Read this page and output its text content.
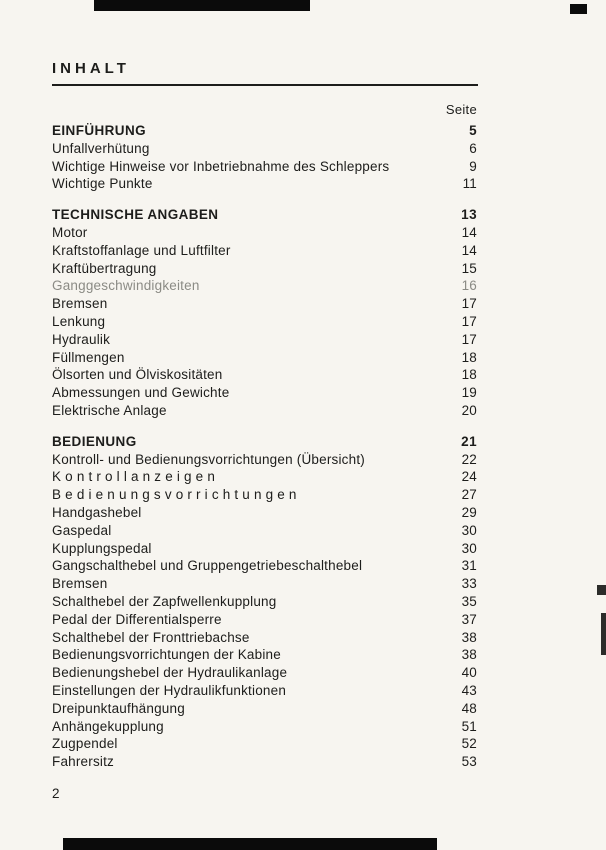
INHALT
Seite
EINFÜHRUNG	5
Unfallverhütung	6
Wichtige Hinweise vor Inbetriebnahme des Schleppers	9
Wichtige Punkte	11
TECHNISCHE ANGABEN	13
Motor	14
Kraftstoffanlage und Luftfilter	14
Kraftübertragung	15
Ganggeschwindigkeiten	16
Bremsen	17
Lenkung	17
Hydraulik	17
Füllmengen	18
Ölsorten und Ölviskositäten	18
Abmessungen und Gewichte	19
Elektrische Anlage	20
BEDIENUNG	21
Kontroll- und Bedienungsvorrichtungen (Übersicht)	22
K o n t r o l l a n z e i g e n	24
B e d i e n u n g s v o r r i c h t u n g e n	27
Handgashebel	29
Gaspedal	30
Kupplungspedal	30
Gangschalthebel und Gruppengetriebeschalthebel	31
Bremsen	33
Schalthebel der Zapfwellenkupplung	35
Pedal der Differentialsperre	37
Schalthebel der Fronttriebachse	38
Bedienungsvorrichtungen der Kabine	38
Bedienungshebel der Hydraulikanlage	40
Einstellungen der Hydraulikfunktionen	43
Dreipunktaufhängung	48
Anhängekupplung	51
Zugpendel	52
Fahrersitz	53
2
